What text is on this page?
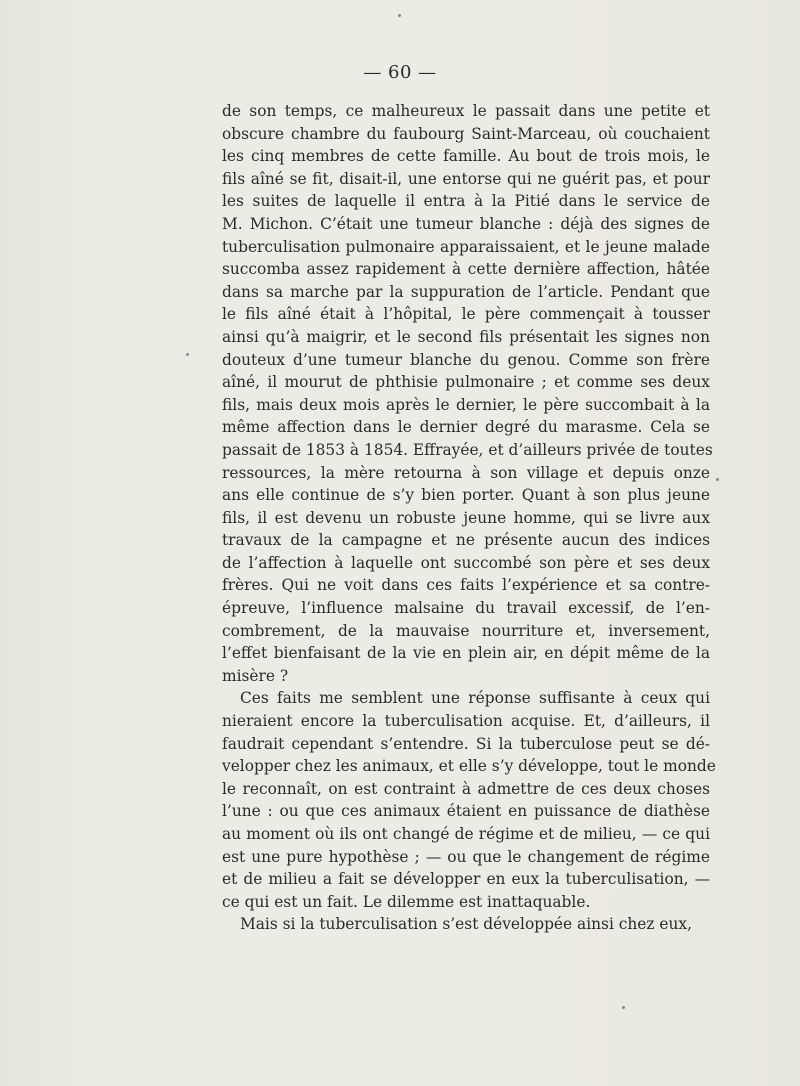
— 60 —
de son temps, ce malheureux le passait dans une petite et
obscure chambre du faubourg Saint-Marceau, où couchaient
les cinq membres de cette famille. Au bout de trois mois, le
fils aîné se fit, disait-il, une entorse qui ne guérit pas, et pour
les suites de laquelle il entra à la Pitié dans le service de
M. Michon. C’était une tumeur blanche : déjà des signes de
tuberculisation pulmonaire apparaissaient, et le jeune malade
succomba assez rapidement à cette dernière affection, hâtée
dans sa marche par la suppuration de l’article. Pendant que
le fils aîné était à l’hôpital, le père commençait à tousser
ainsi qu’à maigrir, et le second fils présentait les signes non
douteux d’une tumeur blanche du genou. Comme son frère
aîné, il mourut de phthisie pulmonaire ; et comme ses deux
fils, mais deux mois après le dernier, le père succombait à la
même affection dans le dernier degré du marasme. Cela se
passait de 1853 à 1854. Effrayée, et d’ailleurs privée de toutes
ressources, la mère retourna à son village et depuis onze
ans elle continue de s’y bien porter. Quant à son plus jeune
fils, il est devenu un robuste jeune homme, qui se livre aux
travaux de la campagne et ne présente aucun des indices
de l’affection à laquelle ont succombé son père et ses deux
frères. Qui ne voit dans ces faits l’expérience et sa contre-
épreuve, l’influence malsaine du travail excessif, de l’en-
combrement, de la mauvaise nourriture et, inversement,
l’effet bienfaisant de la vie en plein air, en dépit même de la
misère ?
Ces faits me semblent une réponse suffisante à ceux qui
nieraient encore la tuberculisation acquise. Et, d’ailleurs, il
faudrait cependant s’entendre. Si la tuberculose peut se dé-
velopper chez les animaux, et elle s’y développe, tout le monde
le reconnaît, on est contraint à admettre de ces deux choses
l’une : ou que ces animaux étaient en puissance de diathèse
au moment où ils ont changé de régime et de milieu, — ce qui
est une pure hypothèse ; — ou que le changement de régime
et de milieu a fait se développer en eux la tuberculisation, —
ce qui est un fait. Le dilemme est inattaquable.
Mais si la tuberculisation s’est développée ainsi chez eux,
